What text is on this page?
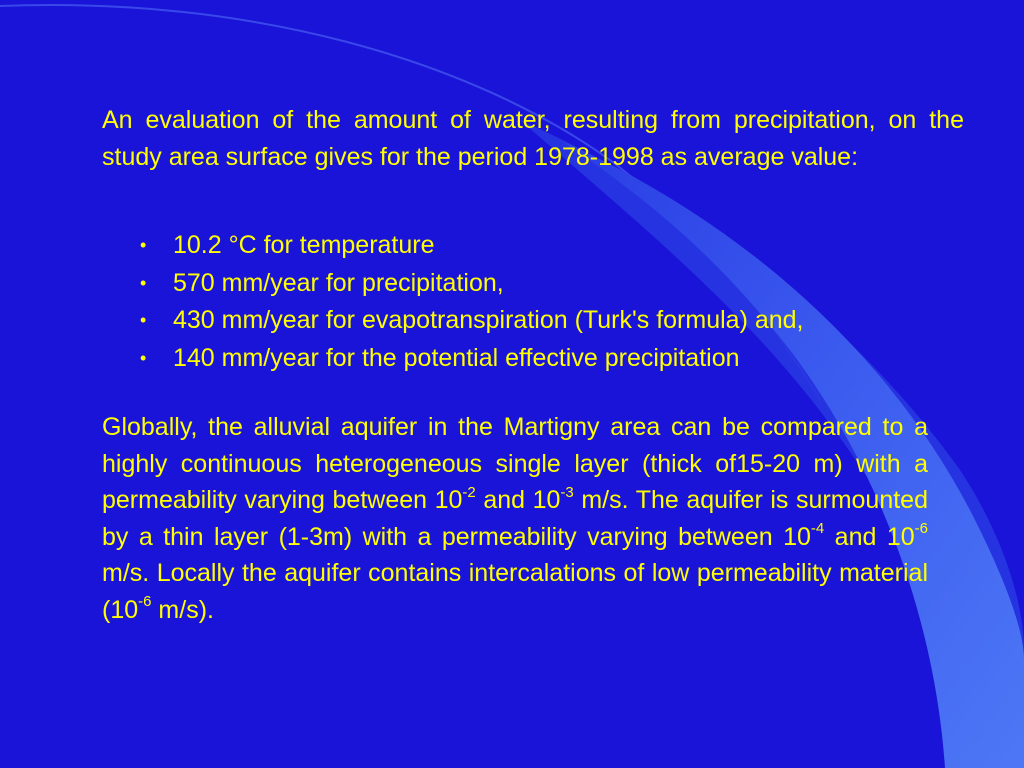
An evaluation of the amount of water, resulting from precipitation, on the study area surface gives for the period 1978-1998 as average value:

• 10.2 °C for temperature
• 570 mm/year for precipitation,
• 430 mm/year for evapotranspiration (Turk's formula) and,
• 140 mm/year for the potential effective precipitation

Globally, the alluvial aquifer in the Martigny area can be compared to a highly continuous heterogeneous single layer (thick of15-20 m) with a permeability varying between $10^{-2}$ and $10^{-3}$ m/s. The aquifer is surmounted by a thin layer (1-3m) with a permeability varying between $10^{-4}$ and $10^{-6}$ m/s. Locally the aquifer contains intercalations of low permeability material ($10^{-6}$ m/s).
